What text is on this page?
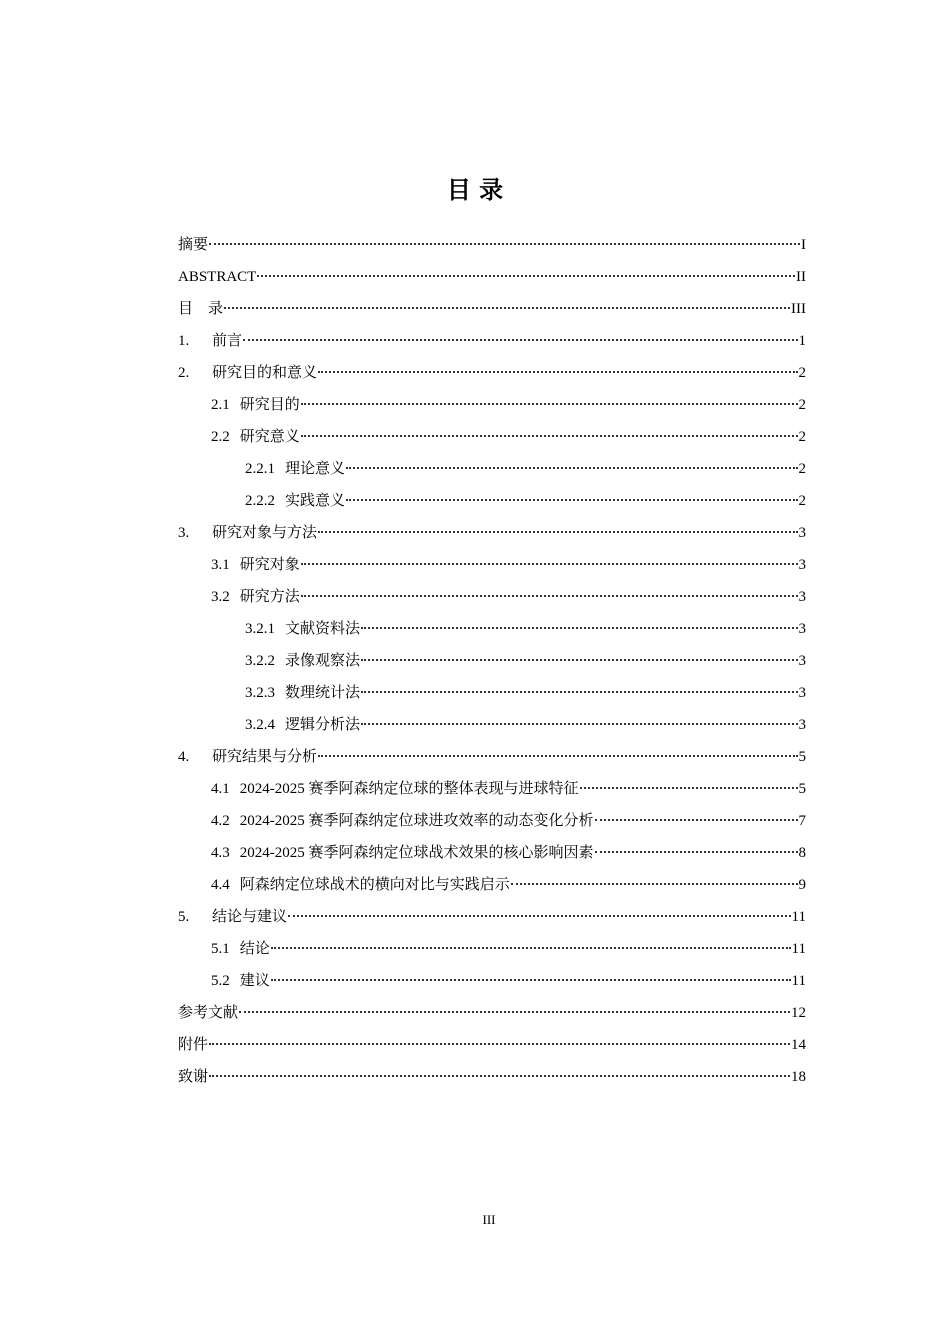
目 录
摘要	I
ABSTRACT	II
目    录	III
1.	前言	1
2.	研究目的和意义	2
2.1 研究目的	2
2.2 研究意义	2
2.2.1 理论意义	2
2.2.2 实践意义	2
3.	研究对象与方法	3
3.1 研究对象	3
3.2 研究方法	3
3.2.1 文献资料法	3
3.2.2 录像观察法	3
3.2.3 数理统计法	3
3.2.4 逻辑分析法	3
4.	研究结果与分析	5
4.1 2024-2025 赛季阿森纳定位球的整体表现与进球特征	5
4.2 2024-2025 赛季阿森纳定位球进攻效率的动态变化分析	7
4.3 2024-2025 赛季阿森纳定位球战术效果的核心影响因素	8
4.4 阿森纳定位球战术的横向对比与实践启示	9
5.	结论与建议	11
5.1 结论	11
5.2 建议	11
参考文献	12
附件	14
致谢	18
III
